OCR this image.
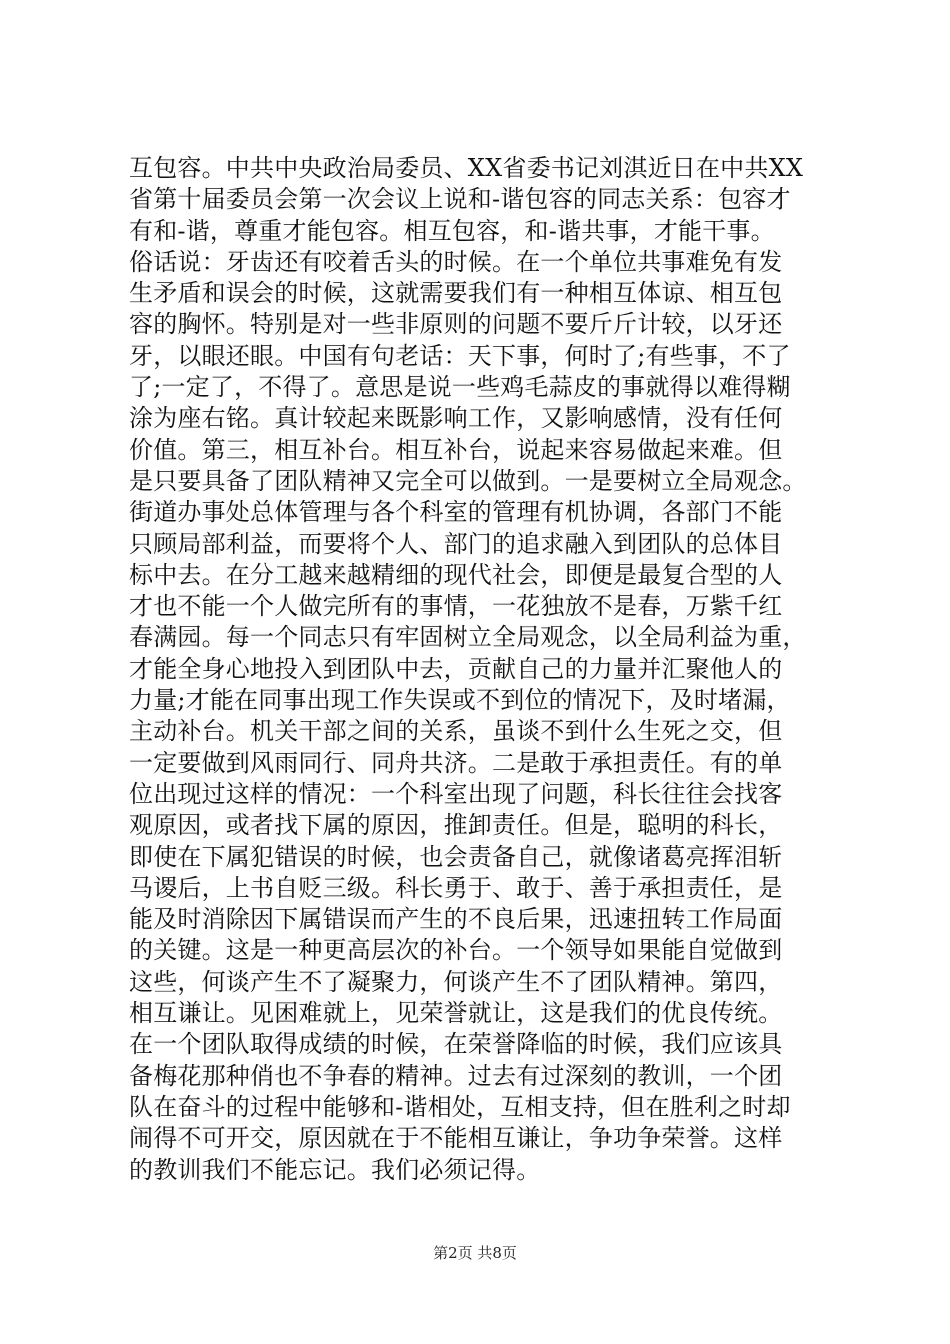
互包容。中共中央政治局委员、XX省委书记刘淇近日在中共XX
省第十届委员会第一次会议上说和-谐包容的同志关系：包容才
有和-谐，尊重才能包容。相互包容，和-谐共事，才能干事。
俗话说：牙齿还有咬着舌头的时候。在一个单位共事难免有发
生矛盾和误会的时候，这就需要我们有一种相互体谅、相互包
容的胸怀。特别是对一些非原则的问题不要斤斤计较，以牙还
牙，以眼还眼。中国有句老话：天下事，何时了;有些事，不了
了;一定了，不得了。意思是说一些鸡毛蒜皮的事就得以难得糊
涂为座右铭。真计较起来既影响工作，又影响感情，没有任何
价值。第三，相互补台。相互补台，说起来容易做起来难。但
是只要具备了团队精神又完全可以做到。一是要树立全局观念。
街道办事处总体管理与各个科室的管理有机协调，各部门不能
只顾局部利益，而要将个人、部门的追求融入到团队的总体目
标中去。在分工越来越精细的现代社会，即便是最复合型的人
才也不能一个人做完所有的事情，一花独放不是春，万紫千红
春满园。每一个同志只有牢固树立全局观念，以全局利益为重，
才能全身心地投入到团队中去，贡献自己的力量并汇聚他人的
力量;才能在同事出现工作失误或不到位的情况下，及时堵漏，
主动补台。机关干部之间的关系，虽谈不到什么生死之交，但
一定要做到风雨同行、同舟共济。二是敢于承担责任。有的单
位出现过这样的情况：一个科室出现了问题，科长往往会找客
观原因，或者找下属的原因，推卸责任。但是，聪明的科长，
即使在下属犯错误的时候，也会责备自己，就像诸葛亮挥泪斩
马谡后，上书自贬三级。科长勇于、敢于、善于承担责任，是
能及时消除因下属错误而产生的不良后果，迅速扭转工作局面
的关键。这是一种更高层次的补台。一个领导如果能自觉做到
这些，何谈产生不了凝聚力，何谈产生不了团队精神。第四，
相互谦让。见困难就上，见荣誉就让，这是我们的优良传统。
在一个团队取得成绩的时候，在荣誉降临的时候，我们应该具
备梅花那种俏也不争春的精神。过去有过深刻的教训，一个团
队在奋斗的过程中能够和-谐相处，互相支持，但在胜利之时却
闹得不可开交，原因就在于不能相互谦让，争功争荣誉。这样
的教训我们不能忘记。我们必须记得。
第2页 共8页
